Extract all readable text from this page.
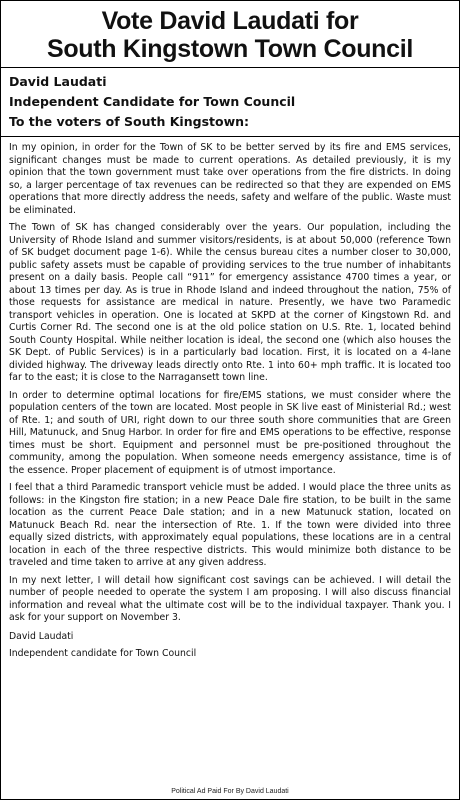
Vote David Laudati for
South Kingstown Town Council
David Laudati
Independent Candidate for Town Council
To the voters of South Kingstown:

In my opinion, in order for the Town of SK to be better served by its fire and EMS services, significant changes must be made to current operations. As detailed previously, it is my opinion that the town government must take over operations from the fire districts. In doing so, a larger percentage of tax revenues can be redirected so that they are expended on EMS operations that more directly address the needs, safety and welfare of the public. Waste must be eliminated.

The Town of SK has changed considerably over the years. Our population, including the University of Rhode Island and summer visitors/residents, is at about 50,000 (reference Town of SK budget document page 1-6). While the census bureau cites a number closer to 30,000, public safety assets must be capable of providing services to the true number of inhabitants present on a daily basis. People call “911” for emergency assistance 4700 times a year, or about 13 times per day. As is true in Rhode Island and indeed throughout the nation, 75% of those requests for assistance are medical in nature. Presently, we have two Paramedic transport vehicles in operation. One is located at SKPD at the corner of Kingstown Rd. and Curtis Corner Rd. The second one is at the old police station on U.S. Rte. 1, located behind South County Hospital. While neither location is ideal, the second one (which also houses the SK Dept. of Public Services) is in a particularly bad location. First, it is located on a 4-lane divided highway. The driveway leads directly onto Rte. 1 into 60+ mph traffic. It is located too far to the east; it is close to the Narragansett town line.

In order to determine optimal locations for fire/EMS stations, we must consider where the population centers of the town are located. Most people in SK live east of Ministerial Rd.; west of Rte. 1; and south of URI, right down to our three south shore communities that are Green Hill, Matunuck, and Snug Harbor. In order for fire and EMS operations to be effective, response times must be short. Equipment and personnel must be pre-positioned throughout the community, among the population. When someone needs emergency assistance, time is of the essence. Proper placement of equipment is of utmost importance.

I feel that a third Paramedic transport vehicle must be added. I would place the three units as follows: in the Kingston fire station; in a new Peace Dale fire station, to be built in the same location as the current Peace Dale station; and in a new Matunuck station, located on Matunuck Beach Rd. near the intersection of Rte. 1. If the town were divided into three equally sized districts, with approximately equal populations, these locations are in a central location in each of the three respective districts. This would minimize both distance to be traveled and time taken to arrive at any given address.

In my next letter, I will detail how significant cost savings can be achieved. I will detail the number of people needed to operate the system I am proposing. I will also discuss financial information and reveal what the ultimate cost will be to the individual taxpayer. Thank you. I ask for your support on November 3.

David Laudati
Independent candidate for Town Council
Political Ad Paid For By David Laudati
